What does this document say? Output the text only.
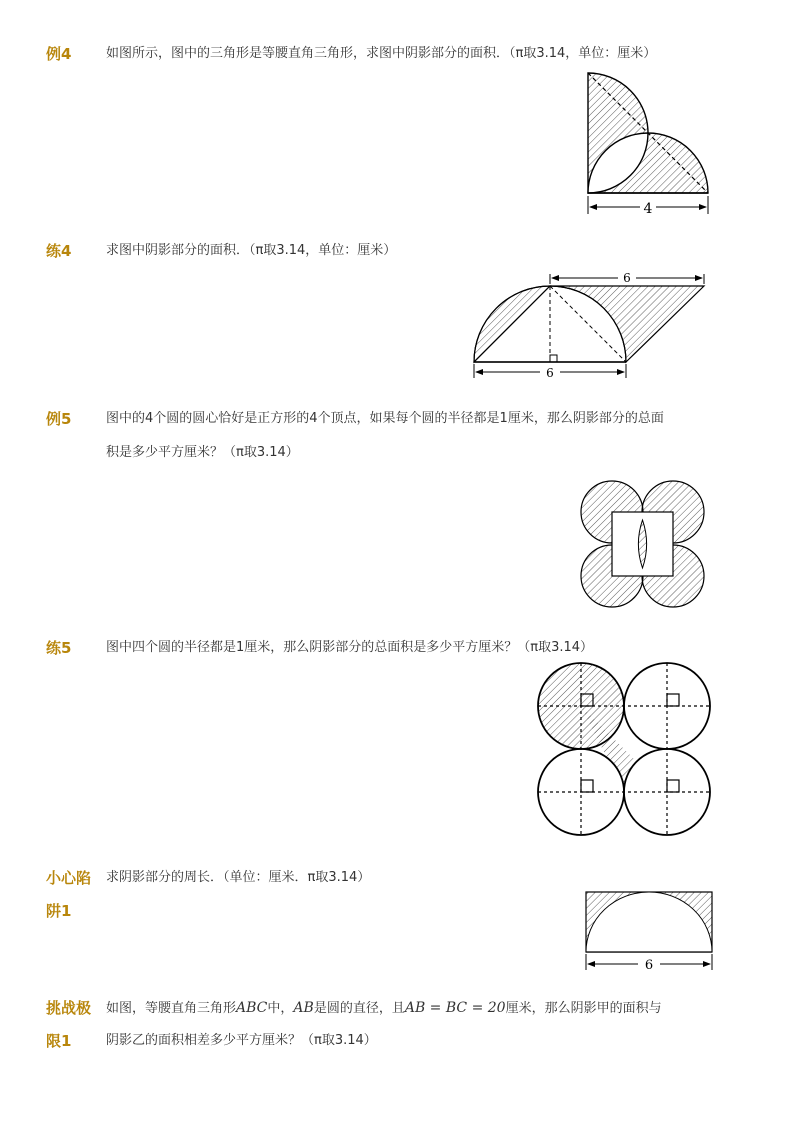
例4	如图所示，图中的三角形是等腰直角三角形，求图中阴影部分的面积．（π取3.14，单位：厘米）
4
练4	求图中阴影部分的面积．（π取3.14，单位：厘米）
6
6
例5	图中的4个圆的圆心恰好是正方形的4个顶点，如果每个圆的半径都是1厘米，那么阴影部分的总面
积是多少平方厘米？（π取3.14）
练5	图中四个圆的半径都是1厘米，那么阴影部分的总面积是多少平方厘米？（π取3.14）
小心陷
阱1
求阴影部分的周长．（单位：厘米．π取3.14）
6
挑战极
限1
如图，等腰直角三角形ABC中，AB是圆的直径，且AB = BC = 20厘米，那么阴影甲的面积与
阴影乙的面积相差多少平方厘米？（π取3.14）
